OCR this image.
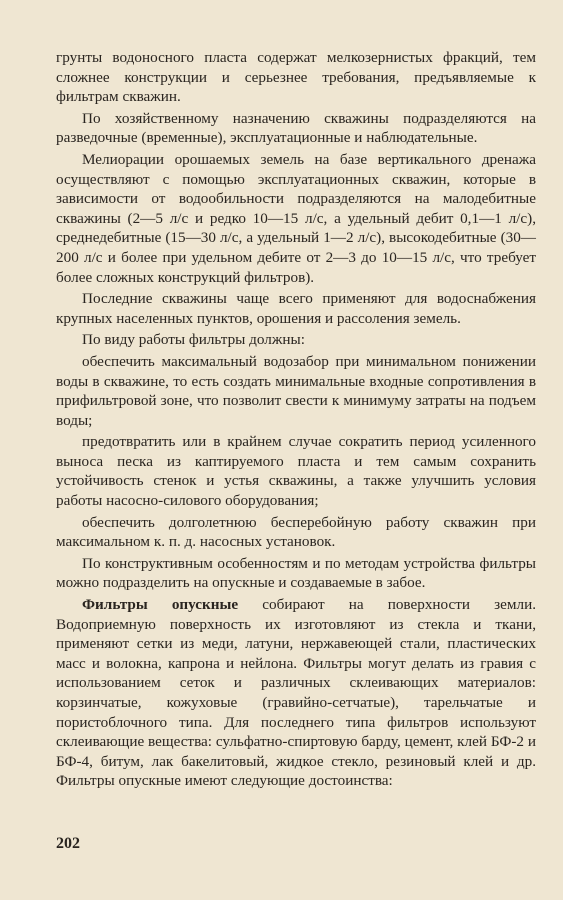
грунты водоносного пласта содержат мелкозернистых фракций, тем сложнее конструкции и серьезнее требования, предъявляемые к фильтрам скважин.

По хозяйственному назначению скважины подразделяются на разведочные (временные), эксплуатационные и наблюдательные.

Мелиорации орошаемых земель на базе вертикального дренажа осуществляют с помощью эксплуатационных скважин, которые в зависимости от водообильности подразделяются на малодебитные скважины (2—5 л/с и редко 10—15 л/с, а удельный дебит 0,1—1 л/с), среднедебитные (15—30 л/с, а удельный 1—2 л/с), высокодебитные (30—200 л/с и более при удельном дебите от 2—3 до 10—15 л/с, что требует более сложных конструкций фильтров).

Последние скважины чаще всего применяют для водоснабжения крупных населенных пунктов, орошения и рассоления земель.

По виду работы фильтры должны:

обеспечить максимальный водозабор при минимальном понижении воды в скважине, то есть создать минимальные входные сопротивления в прифильтровой зоне, что позволит свести к минимуму затраты на подъем воды;

предотвратить или в крайнем случае сократить период усиленного выноса песка из каптируемого пласта и тем самым сохранить устойчивость стенок и устья скважины, а также улучшить условия работы насосно-силового оборудования;

обеспечить долголетнюю бесперебойную работу скважин при максимальном к. п. д. насосных установок.

По конструктивным особенностям и по методам устройства фильтры можно подразделить на опускные и создаваемые в забое.

Фильтры опускные собирают на поверхности земли. Водоприемную поверхность их изготовляют из стекла и ткани, применяют сетки из меди, латуни, нержавеющей стали, пластических масс и волокна, капрона и нейлона. Фильтры могут делать из гравия с использованием сеток и различных склеивающих материалов: корзинчатые, кожуховые (гравийно-сетчатые), тарельчатые и пористоблочного типа. Для последнего типа фильтров используют склеивающие вещества: сульфатно-спиртовую барду, цемент, клей БФ-2 и БФ-4, битум, лак бакелитовый, жидкое стекло, резиновый клей и др. Фильтры опускные имеют следующие достоинства:

202
